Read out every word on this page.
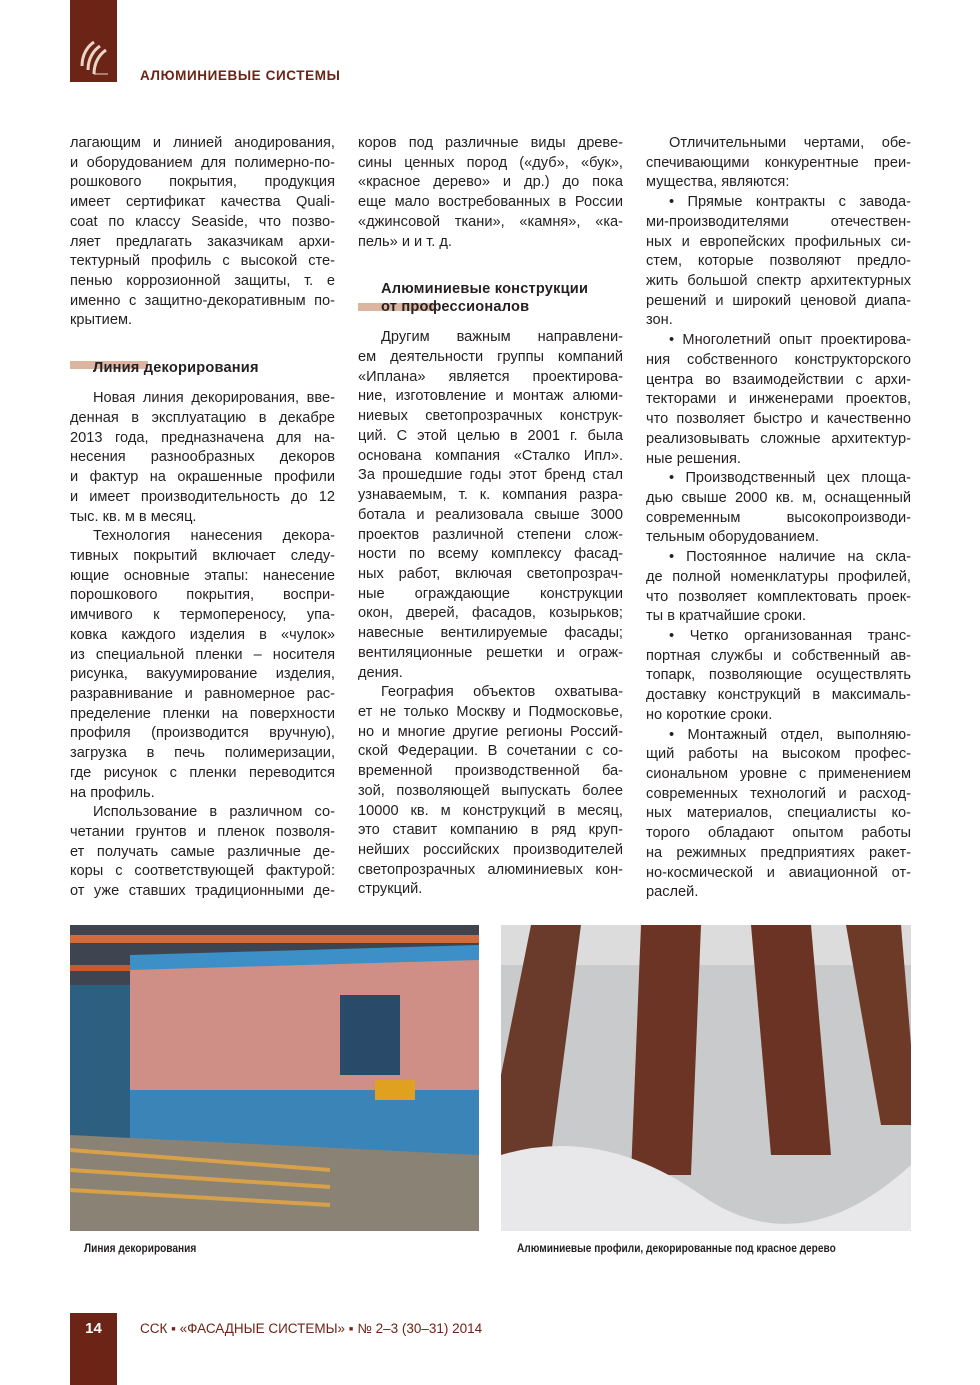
АЛЮМИНИЕВЫЕ СИСТЕМЫ
лагающим и линией анодирования,
и оборудованием для полимерно-по-
рошкового покрытия, продукция
имеет сертификат качества Quali-
coat по классу Seaside, что позво-
ляет предлагать заказчикам архи-
тектурный профиль с высокой сте-
пенью коррозионной защиты, т. е
именно с защитно-декоративным по-
крытием.
Линия декорирования
Новая линия декорирования, вве-
денная в эксплуатацию в декабре
2013 года, предназначена для на-
несения разнообразных декоров
и фактур на окрашенные профили
и имеет производительность до 12
тыс. кв. м в месяц.
Технология нанесения декора-
тивных покрытий включает следу-
ющие основные этапы: нанесение
порошкового покрытия, воспри-
имчивого к термопереносу, упа-
ковка каждого изделия в «чулок»
из специальной пленки – носителя
рисунка, вакуумирование изделия,
разравнивание и равномерное рас-
пределение пленки на поверхности
профиля (производится вручную),
загрузка в печь полимеризации,
где рисунок с пленки переводится
на профиль.
Использование в различном со-
четании грунтов и пленок позволя-
ет получать самые различные де-
коры с соответствующей фактурой:
от уже ставших традиционными де-
коров под различные виды древе-
сины ценных пород («дуб», «бук»,
«красное дерево» и др.) до пока
еще мало востребованных в России
«джинсовой ткани», «камня», «ка-
пель» и и т. д.
Алюминиевые конструкции
от профессионалов
Другим важным направлени-
ем деятельности группы компаний
«Иплана» является проектирова-
ние, изготовление и монтаж алюми-
ниевых светопрозрачных конструк-
ций. С этой целью в 2001 г. была
основана компания «Сталко Ипл».
За прошедшие годы этот бренд стал
узнаваемым, т. к. компания разра-
ботала и реализовала свыше 3000
проектов различной степени слож-
ности по всему комплексу фасад-
ных работ, включая светопрозрач-
ные ограждающие конструкции
окон, дверей, фасадов, козырьков;
навесные вентилируемые фасады;
вентиляционные решетки и ограж-
дения.
География объектов охватыва-
ет не только Москву и Подмосковье,
но и многие другие регионы Россий-
ской Федерации. В сочетании с со-
временной производственной ба-
зой, позволяющей выпускать более
10000 кв. м конструкций в месяц,
это ставит компанию в ряд круп-
нейших российских производителей
светопрозрачных алюминиевых кон-
струкций.
Отличительными чертами, обе-
спечивающими конкурентные преи-
мущества, являются:
• Прямые контракты с завода-
ми-производителями отечествен-
ных и европейских профильных си-
стем, которые позволяют предло-
жить большой спектр архитектурных
решений и широкий ценовой диапа-
зон.
• Многолетний опыт проектирова-
ния собственного конструкторского
центра во взаимодействии с архи-
текторами и инженерами проектов,
что позволяет быстро и качественно
реализовывать сложные архитектур-
ные решения.
• Производственный цех площа-
дью свыше 2000 кв. м, оснащенный
современным высокопроизводи-
тельным оборудованием.
• Постоянное наличие на скла-
де полной номенклатуры профилей,
что позволяет комплектовать проек-
ты в кратчайшие сроки.
• Четко организованная транс-
портная службы и собственный ав-
топарк, позволяющие осуществлять
доставку конструкций в максималь-
но короткие сроки.
• Монтажный отдел, выполняю-
щий работы на высоком профес-
сиональном уровне с применением
современных технологий и расход-
ных материалов, специалисты ко-
торого обладают опытом работы
на режимных предприятиях ракет-
но-космической и авиационной от-
раслей.
Линия декорирования	Алюминиевые профили, декорированные под красное дерево
14	ССК ▪ «ФАСАДНЫЕ СИСТЕМЫ» ▪ № 2–3 (30–31) 2014
